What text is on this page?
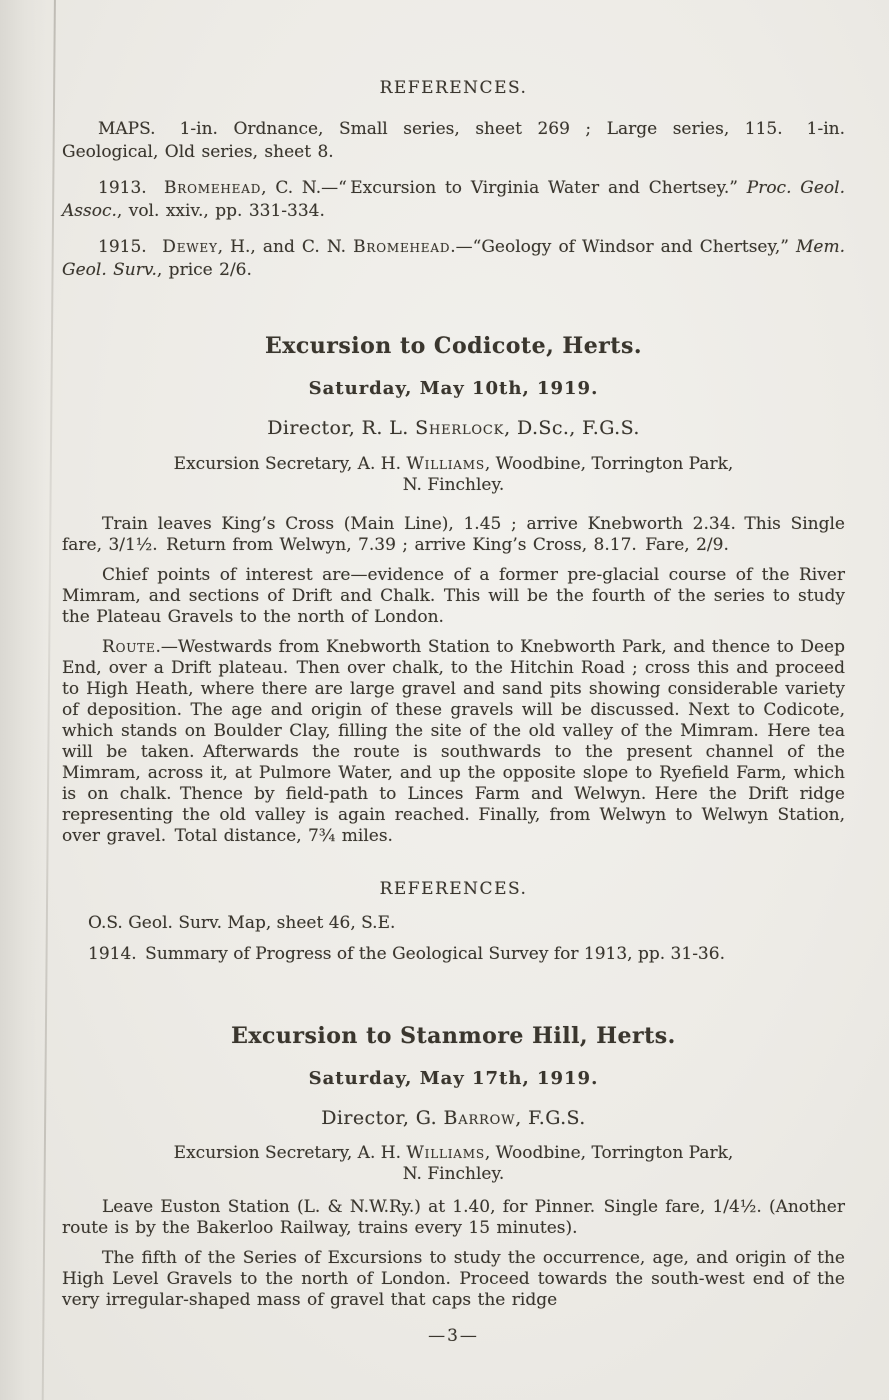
REFERENCES.

MAPS.  1-in. Ordnance, Small series, sheet 269 ; Large series, 115.  1-in. Geological, Old series, sheet 8.

1913.  Bromehead, C. N.—“ Excursion to Virginia Water and Chertsey.” Proc. Geol. Assoc., vol. xxiv., pp. 331-334.

1915.  Dewey, H., and C. N. Bromehead.—“Geology of Windsor and Chertsey,” Mem. Geol. Surv., price 2/6.

Excursion to Codicote, Herts.
Saturday, May 10th, 1919.
Director, R. L. Sherlock, D.Sc., F.G.S.
Excursion Secretary, A. H. Williams, Woodbine, Torrington Park,
N. Finchley.

Train leaves King’s Cross (Main Line), 1.45 ; arrive Knebworth 2.34. This Single fare, 3/1½. Return from Welwyn, 7.39 ; arrive King’s Cross, 8.17. Fare, 2/9.

Chief points of interest are—evidence of a former pre-glacial course of the River Mimram, and sections of Drift and Chalk. This will be the fourth of the series to study the Plateau Gravels to the north of London.

Route.—Westwards from Knebworth Station to Knebworth Park, and thence to Deep End, over a Drift plateau. Then over chalk, to the Hitchin Road ; cross this and proceed to High Heath, where there are large gravel and sand pits showing considerable variety of deposition. The age and origin of these gravels will be discussed. Next to Codicote, which stands on Boulder Clay, filling the site of the old valley of the Mimram. Here tea will be taken. Afterwards the route is southwards to the present channel of the Mimram, across it, at Pulmore Water, and up the opposite slope to Ryefield Farm, which is on chalk. Thence by field-path to Linces Farm and Welwyn. Here the Drift ridge representing the old valley is again reached. Finally, from Welwyn to Welwyn Station, over gravel. Total distance, 7¾ miles.

REFERENCES.

O.S. Geol. Surv. Map, sheet 46, S.E.

1914. Summary of Progress of the Geological Survey for 1913, pp. 31-36.

Excursion to Stanmore Hill, Herts.
Saturday, May 17th, 1919.
Director, G. Barrow, F.G.S.
Excursion Secretary, A. H. Williams, Woodbine, Torrington Park,
N. Finchley.

Leave Euston Station (L. & N.W.Ry.) at 1.40, for Pinner. Single fare, 1/4½. (Another route is by the Bakerloo Railway, trains every 15 minutes).

The fifth of the Series of Excursions to study the occurrence, age, and origin of the High Level Gravels to the north of London. Proceed towards the south-west end of the very irregular-shaped mass of gravel that caps the ridge

—3—
